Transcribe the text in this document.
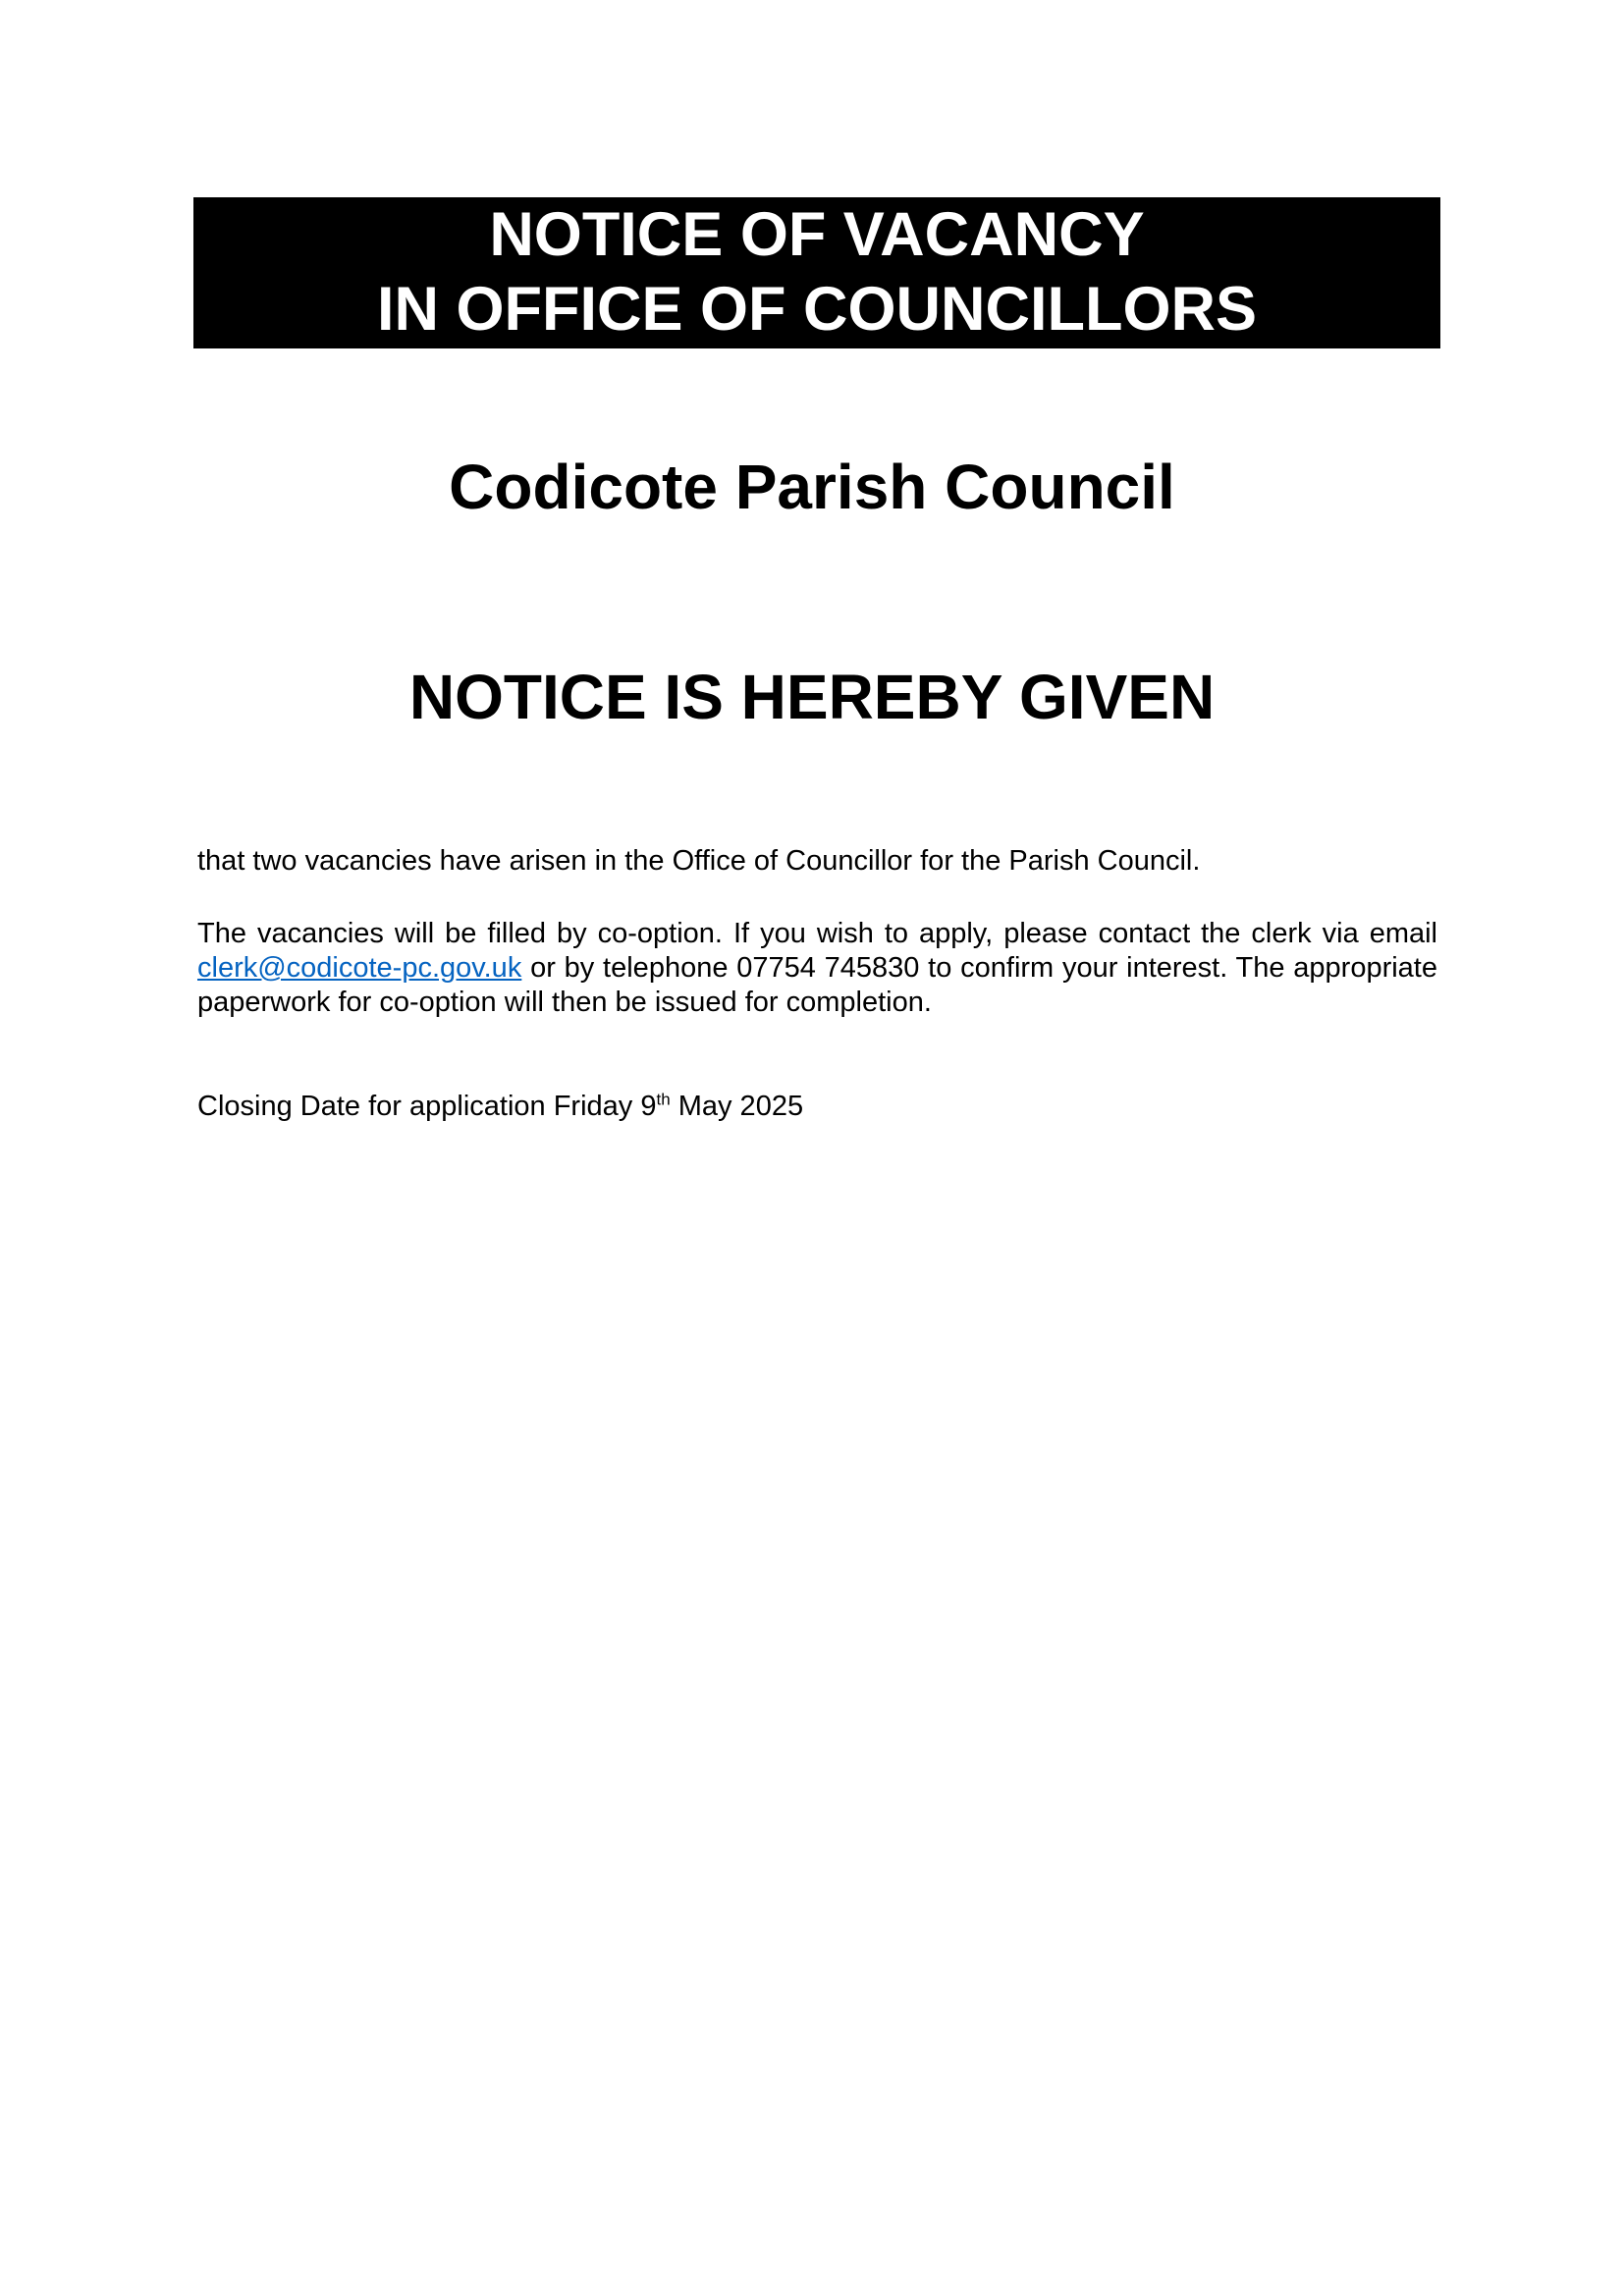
NOTICE OF VACANCY
IN OFFICE OF COUNCILLORS
Codicote Parish Council
NOTICE IS HEREBY GIVEN

that two vacancies have arisen in the Office of Councillor for the Parish Council.

The vacancies will be filled by co-option. If you wish to apply, please contact the clerk via email clerk@codicote-pc.gov.uk or by telephone 07754 745830 to confirm your interest. The appropriate paperwork for co-option will then be issued for completion.

Closing Date for application Friday 9th May 2025
